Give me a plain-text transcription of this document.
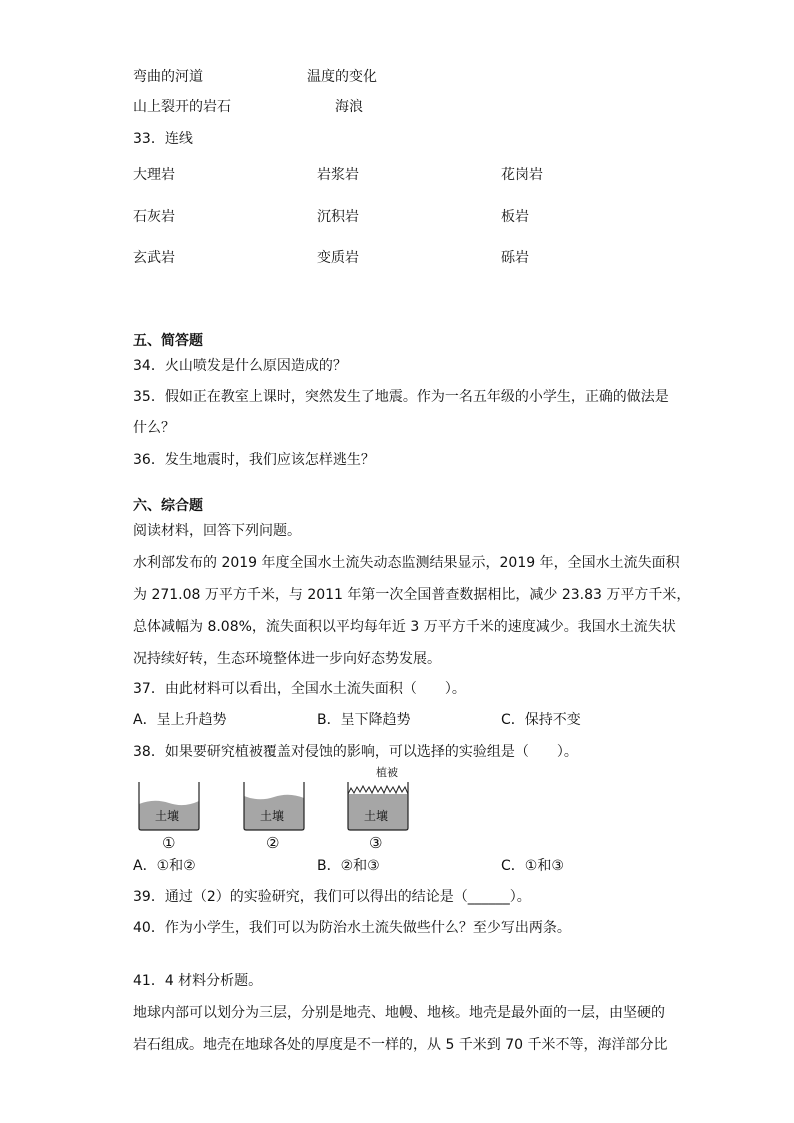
弯曲的河道	温度的变化
山上裂开的岩石	海浪
33．连线
大理岩	岩浆岩	花岗岩
石灰岩	沉积岩	板岩
玄武岩	变质岩	砾岩
五、简答题
34．火山喷发是什么原因造成的？
35．假如正在教室上课时，突然发生了地震。作为一名五年级的小学生，正确的做法是
什么？
36．发生地震时，我们应该怎样逃生？
六、综合题
阅读材料，回答下列问题。
水利部发布的 2019 年度全国水土流失动态监测结果显示，2019 年，全国水土流失面积
为 271.08 万平方千米，与 2011 年第一次全国普查数据相比，减少 23.83 万平方千米，
总体减幅为 8.08%，流失面积以平均每年近 3 万平方千米的速度减少。我国水土流失状
况持续好转，生态环境整体进一步向好态势发展。
37．由此材料可以看出，全国水土流失面积（　　）。
A．呈上升趋势	B．呈下降趋势	C．保持不变
38．如果要研究植被覆盖对侵蚀的影响，可以选择的实验组是（　　）。
土壤	土壤
植被
土壤
①	②	③
A．①和②	B．②和③	C．①和③
39．通过（2）的实验研究，我们可以得出的结论是（______）。
40．作为小学生，我们可以为防治水土流失做些什么？至少写出两条。
41．4 材料分析题。
地球内部可以划分为三层，分别是地壳、地幔、地核。地壳是最外面的一层，由坚硬的
岩石组成。地壳在地球各处的厚度是不一样的，从 5 千米到 70 千米不等，海洋部分比
